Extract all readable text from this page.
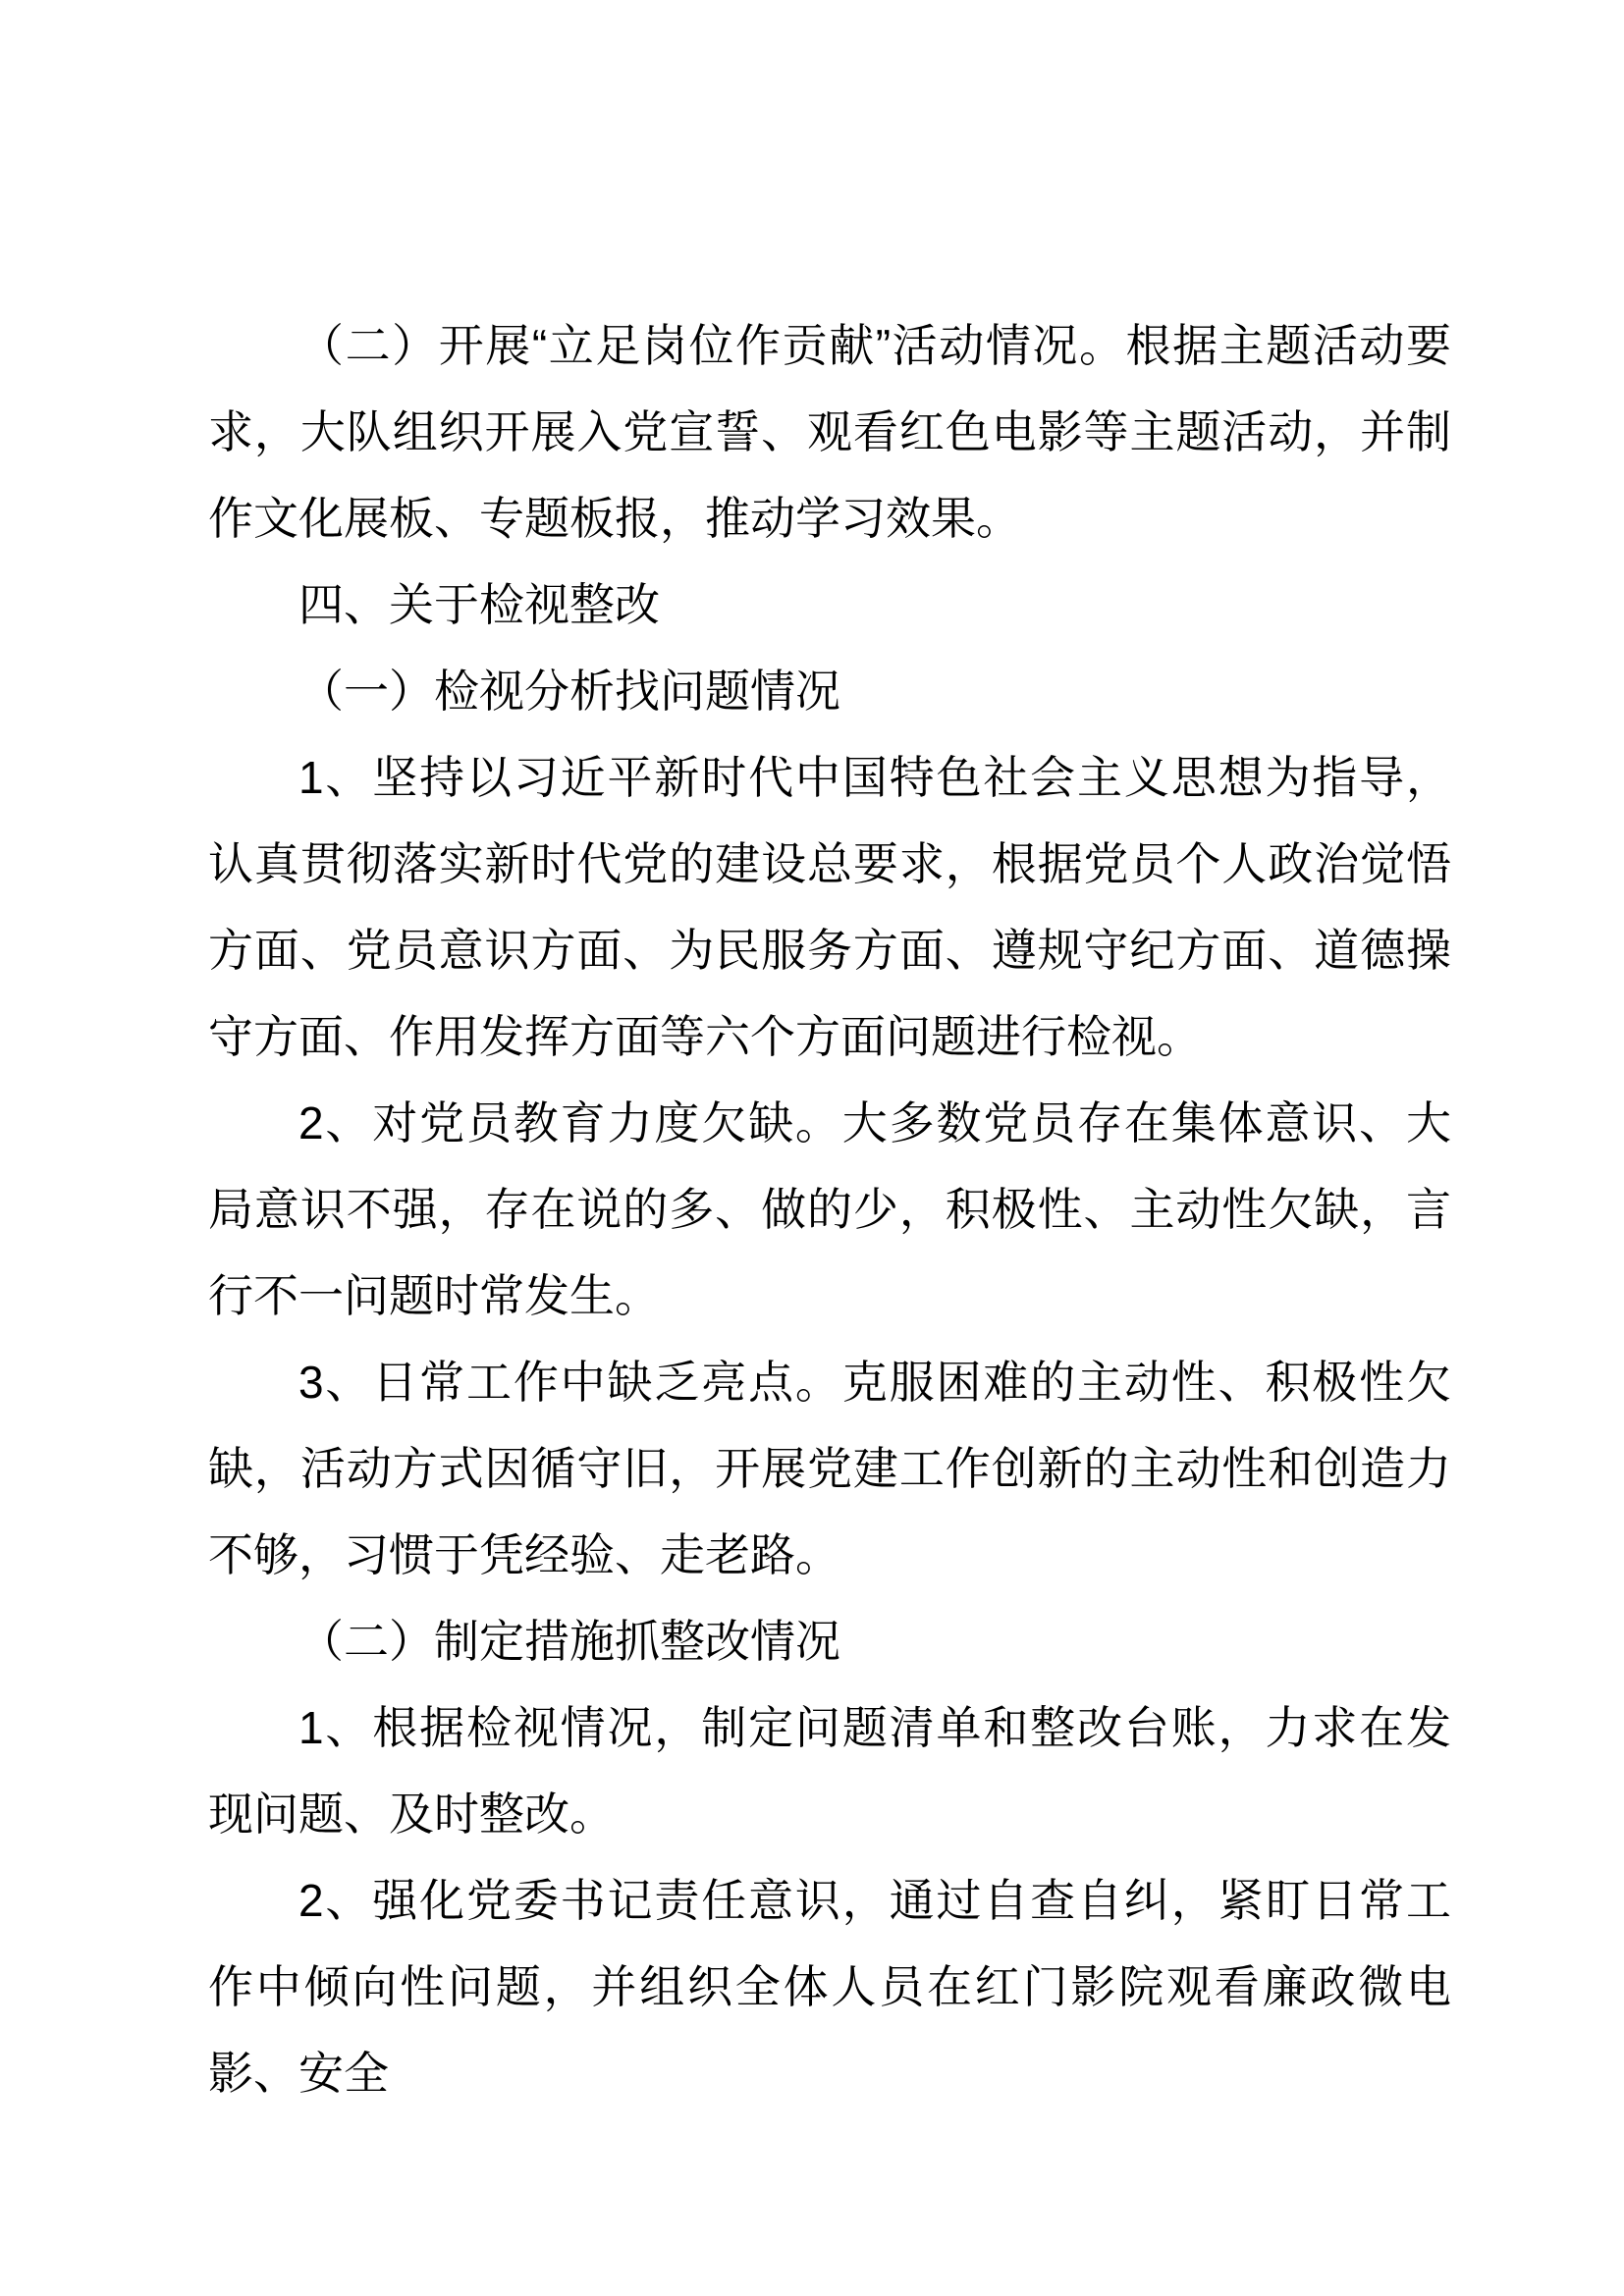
（二）开展“立足岗位作贡献”活动情况。根据主题活动要求，大队组织开展入党宣誓、观看红色电影等主题活动，并制作文化展板、专题板报，推动学习效果。

四、关于检视整改

（一）检视分析找问题情况

1、坚持以习近平新时代中国特色社会主义思想为指导，认真贯彻落实新时代党的建设总要求，根据党员个人政治觉悟方面、党员意识方面、为民服务方面、遵规守纪方面、道德操守方面、作用发挥方面等六个方面问题进行检视。

2、对党员教育力度欠缺。大多数党员存在集体意识、大局意识不强，存在说的多、做的少，积极性、主动性欠缺，言行不一问题时常发生。

3、日常工作中缺乏亮点。克服困难的主动性、积极性欠缺，活动方式因循守旧，开展党建工作创新的主动性和创造力不够，习惯于凭经验、走老路。

（二）制定措施抓整改情况

1、根据检视情况，制定问题清单和整改台账，力求在发现问题、及时整改。

2、强化党委书记责任意识，通过自查自纠，紧盯日常工作中倾向性问题，并组织全体人员在红门影院观看廉政微电影、安全
